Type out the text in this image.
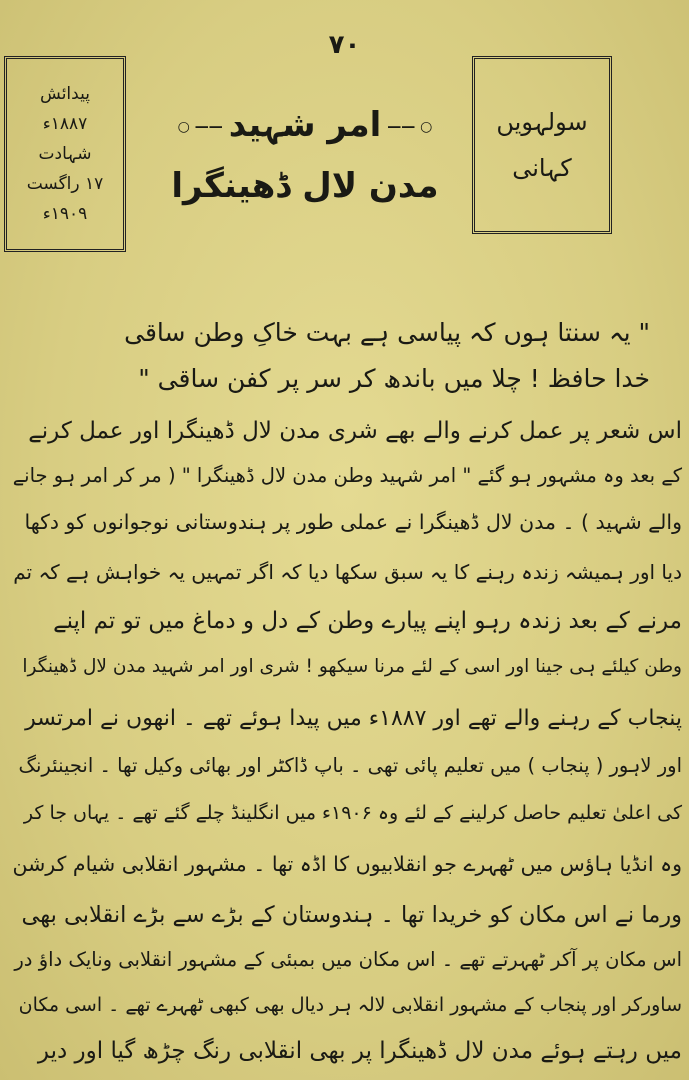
۷۰
پیدائش
۱۸۸۷ء
شہادت
۱۷ راگست ۱۹۰۹ء
سولہویں
کہانی
○ —— امر شہید —— ○
مدن لال ڈھینگرا
" یہ سنتا ہوں کہ پیاسی ہے بہت خاکِ وطن ساقی
خدا حافظ ! چلا میں باندھ کر سر پر کفن ساقی "
اس شعر پر عمل کرنے والے بھے شری مدن لال ڈھینگرا اور عمل کرنے
کے بعد وہ مشہور ہو گئے " امر شہید وطن مدن لال ڈھینگرا " ( مر کر امر ہو جانے
والے شہید ) ۔ مدن لال ڈھینگرا نے عملی طور پر ہندوستانی نوجوانوں کو دکھا
دیا اور ہمیشہ زندہ رہنے کا یہ سبق سکھا دیا کہ اگر تمہیں یہ خواہش ہے کہ تم
مرنے کے بعد زندہ رہو اپنے پیارے وطن کے دل و دماغ میں تو تم اپنے
وطن کیلئے ہی جینا اور اسی کے لئے مرنا سیکھو ! شری اور امر شہید مدن لال ڈھینگرا
پنجاب کے رہنے والے تھے اور ۱۸۸۷ء میں پیدا ہوئے تھے ۔ انھوں نے امرتسر
اور لاہور ( پنجاب ) میں تعلیم پائی تھی ۔ باپ ڈاکٹر اور بھائی وکیل تھا ۔ انجینئرنگ
کی اعلیٰ تعلیم حاصل کرلینے کے لئے وہ ۱۹۰۶ء میں انگلینڈ چلے گئے تھے ۔ یہاں جا کر
وہ انڈیا ہاؤس میں ٹھہرے جو انقلابیوں کا اڈہ تھا ۔ مشہور انقلابی شیام کرشن
ورما نے اس مکان کو خریدا تھا ۔ ہندوستان کے بڑے سے بڑے انقلابی بھی
اس مکان پر آکر ٹھہرتے تھے ۔ اس مکان میں بمبئی کے مشہور انقلابی ونایک داؤ در
ساورکر اور پنجاب کے مشہور انقلابی لالہ ہر دیال بھی کبھی ٹھہرے تھے ۔ اسی مکان
میں رہتے ہوئے مدن لال ڈھینگرا پر بھی انقلابی رنگ چڑھ گیا اور دیر
